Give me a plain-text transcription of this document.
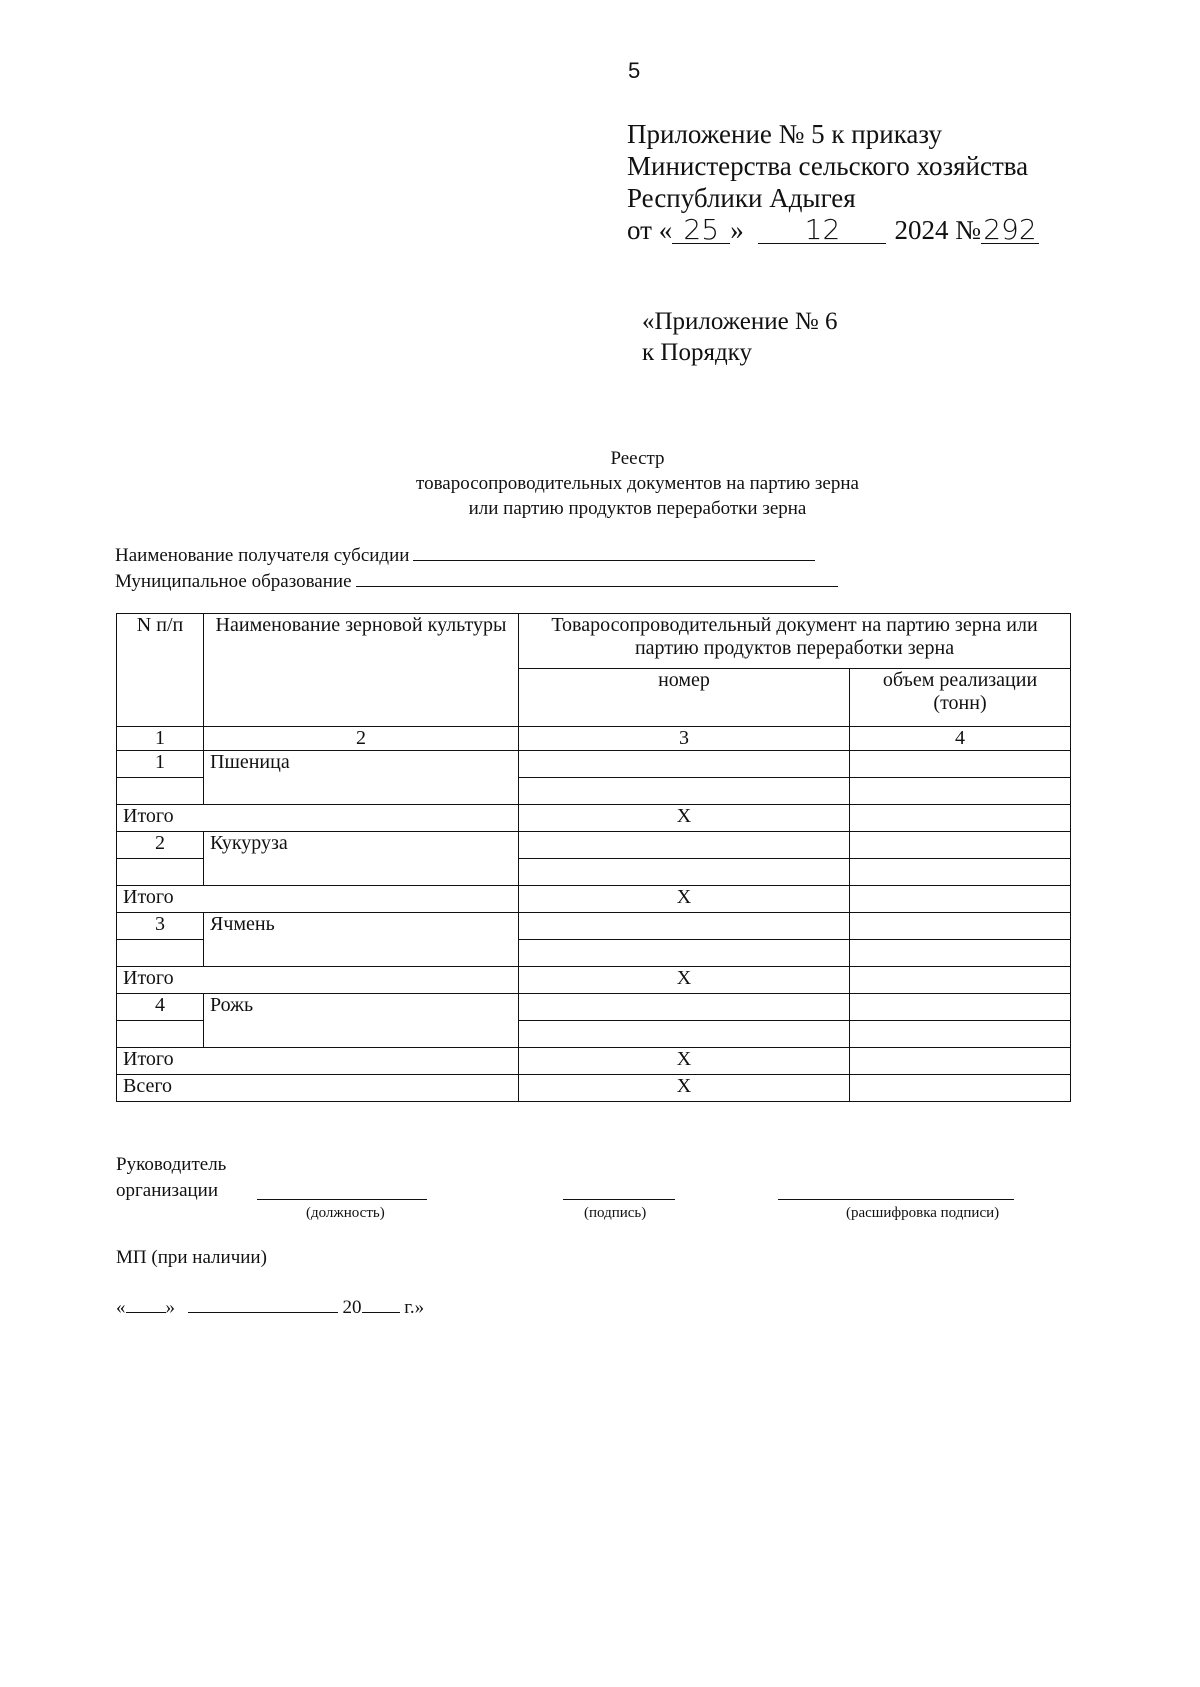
5
Приложение № 5 к приказу
Министерства сельского хозяйства
Республики Адыгея
от « 25 » 12 2024 №292
«Приложение № 6
к Порядку
Реестр
товаросопроводительных документов на партию зерна
или партию продуктов переработки зерна
Наименование получателя субсидии
Муниципальное образование
N п/п	Наименование зерновой культуры	Товаросопроводительный документ на партию зерна или партию продуктов переработки зерна	
		номер	объем реализации (тонн)
1	2	3	4
1	Пшеница		

Итого		X	
2	Кукуруза		

Итого		X	
3	Ячмень		

Итого		X	
4	Рожь		

Итого		X	
Всего		X	
Руководитель
организации
(должность)	(подпись)	(расшифровка подписи)
МП (при наличии)
« »	20 г.»
